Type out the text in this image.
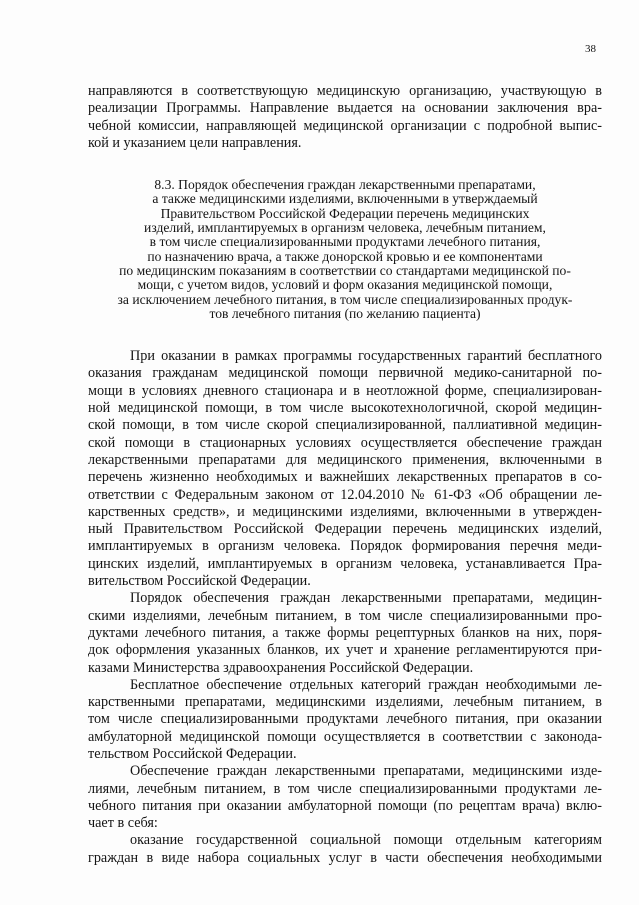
38
направляются в соответствующую медицинскую организацию, участвующую в
реализации Программы. Направление выдается на основании заключения вра-
чебной комиссии, направляющей медицинской организации с подробной выпис-
кой и указанием цели направления.
8.3. Порядок обеспечения граждан лекарственными препаратами,
а также медицинскими изделиями, включенными в утверждаемый
Правительством Российской Федерации перечень медицинских
изделий, имплантируемых в организм человека, лечебным питанием,
в том числе специализированными продуктами лечебного питания,
по назначению врача, а также донорской кровью и ее компонентами
по медицинским показаниям в соответствии со стандартами медицинской по-
мощи, с учетом видов, условий и форм оказания медицинской помощи,
за исключением лечебного питания, в том числе специализированных продук-
тов лечебного питания (по желанию пациента)
При оказании в рамках программы государственных гарантий бесплатного
оказания гражданам медицинской помощи первичной медико-санитарной по-
мощи в условиях дневного стационара и в неотложной форме, специализирован-
ной медицинской помощи, в том числе высокотехнологичной, скорой медицин-
ской помощи, в том числе скорой специализированной, паллиативной медицин-
ской помощи в стационарных условиях осуществляется обеспечение граждан
лекарственными препаратами для медицинского применения, включенными в
перечень жизненно необходимых и важнейших лекарственных препаратов в со-
ответствии с Федеральным законом от 12.04.2010 № 61-ФЗ «Об обращении ле-
карственных средств», и медицинскими изделиями, включенными в утвержден-
ный Правительством Российской Федерации перечень медицинских изделий,
имплантируемых в организм человека. Порядок формирования перечня меди-
цинских изделий, имплантируемых в организм человека, устанавливается Пра-
вительством Российской Федерации.
Порядок обеспечения граждан лекарственными препаратами, медицин-
скими изделиями, лечебным питанием, в том числе специализированными про-
дуктами лечебного питания, а также формы рецептурных бланков на них, поря-
док оформления указанных бланков, их учет и хранение регламентируются при-
казами Министерства здравоохранения Российской Федерации.
Бесплатное обеспечение отдельных категорий граждан необходимыми ле-
карственными препаратами, медицинскими изделиями, лечебным питанием, в
том числе специализированными продуктами лечебного питания, при оказании
амбулаторной медицинской помощи осуществляется в соответствии с законода-
тельством Российской Федерации.
Обеспечение граждан лекарственными препаратами, медицинскими изде-
лиями, лечебным питанием, в том числе специализированными продуктами ле-
чебного питания при оказании амбулаторной помощи (по рецептам врача) вклю-
чает в себя:
оказание государственной социальной помощи отдельным категориям
граждан в виде набора социальных услуг в части обеспечения необходимыми
